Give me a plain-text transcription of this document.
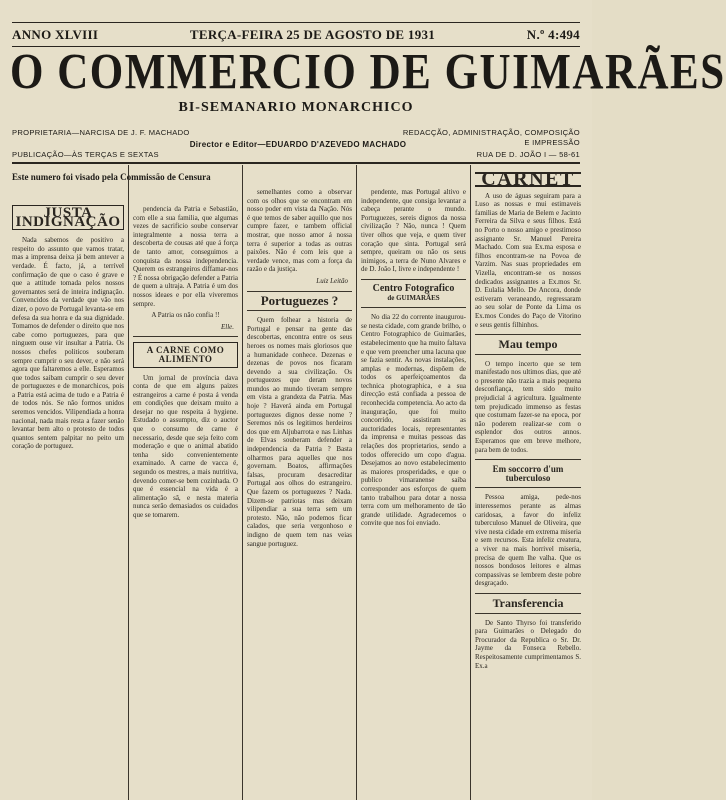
ANNO XLVIII	TERÇA-FEIRA 25 DE AGOSTO DE 1931	N.º 4:494
O COMMERCIO DE GUIMARÃES
BI-SEMANARIO MONARCHICO
PROPRIETARIA—NARCISA DE J. F. MACHADO
PUBLICAÇÃO—ÀS TERÇAS E SEXTAS
Director e Editor—EDUARDO D'AZEVEDO MACHADO
REDACÇÃO, ADMINISTRAÇÃO, COMPOSIÇÃO E IMPRESSÃO
RUA DE D. JOÃO I — 58-61
Este numero foi visado pela Commissão de Censura
JUSTA INDIGNAÇÃO

Nada sabemos de positivo a respeito do assunto que vamos tratar, mas a imprensa deixa já bem antever a verdade. É facto, já, a terrível confirmação de que o caso é grave e que a attitude tomada pelos nossos governantes será de inteira indignação. Convencidos da verdade que vão nos dizer, o povo de Portugal levanta-se em defesa da sua honra e da sua dignidade. Tomamos de defender o direito que nos cabe como portuguezes, para que ninguem ouse vir insultar a Patria. Os nossos chefes politicos souberam sempre cumprir o seu dever, e não será agora que faltaremos a elle. Esperamos que todos saibam cumprir o seu dever de portuguezes e de monarchicos, pois a Patria está acima de tudo e a Patria é de todos nós. Se não formos unidos seremos vencidos. Vilipendiada a honra nacional, nada mais resta a fazer senão levantar bem alto o protesto de todos quantos sentem palpitar no peito um coração de portuguez.

pendencia da Patria e Sebastião, com elle a sua familia, que algumas vezes de sacrificio soube conservar integralmente a nossa terra a descoberta de cousas até que á força de tanto amor, conseguimos a conquista da nossa independencia. Querem os estrangeiros diffamar-nos ? É nossa obrigação defender a Patria de quem a ultraja. A Patria é um dos nossos ideaes e por ella viveremos sempre.

A Patria os não confia !!
Elle.
A CARNE COMO ALIMENTO

Um jornal de província dava conta de que em alguns paizes estrangeiros a carne é posta á venda em condições que deixam muito a desejar no que respeita á hygiene. Estudado o assumpto, diz o auctor que o consumo de carne é necessario, desde que seja feito com moderação e que o animal abatido tenha sido convenientemente examinado. A carne de vacca é, segundo os mestres, a mais nutritiva, devendo comer-se bem cozinhada. O que é essencial na vida é a alimentação sã, e nesta materia nunca serão demasiados os cuidados que se tomarem.

semelhantes como a observar com os olhos que se encontram em nosso poder em vista da Nação. Nós é que temos de saber aquillo que nos cumpre fazer, e tambem official mostrar, que nosso amor á nossa terra é superior a todas as outras paixões. Não é com leis que a verdade vence, mas com a força da razão e da justiça.

Luiz Leitão
Portuguezes ?

Quem folhear a historia de Portugal e pensar na gente das descobertas, encontra entre os seus heroes os nomes mais gloriosos que a humanidade conhece. Dezenas e dezenas de povos nos ficaram devendo a sua civilização. Os portuguezes que deram novos mundos ao mundo tiveram sempre em vista a grandeza da Patria. Mas hoje ? Haverá ainda em Portugal portuguezes dignos desse nome ? Seremos nós os legitimos herdeiros dos que em Aljubarrota e nas Linhas de Elvas souberam defender a independencia da Patria ? Basta olharmos para aquelles que nos governam. Boatos, affirmações falsas, procuram desacreditar Portugal aos olhos do estrangeiro. Que fazem os portuguezes ? Nada. Dizem-se patriotas mas deixam vilipendiar a sua terra sem um protesto. Não, não podemos ficar calados, que seria vergonhoso e indigno de quem tem nas veias sangue portuguez.

pendente, mas Portugal altivo e independente, que consiga levantar a cabeça perante o mundo. Portuguezes, sereis dignos da nossa civilização ? Não, nunca ! Quem tiver olhos que veja, e quem tiver coração que sinta. Portugal será sempre, queiram ou não os seus inimigos, a terra de Nuno Alvares e de D. João I, livre e independente !

Centro Fotografico
de GUIMARÃES

No dia 22 do corrente inaugurou-se nesta cidade, com grande brilho, o Centro Fotographico de Guimarães, estabelecimento que ha muito faltava e que vem preencher uma lacuna que se fazia sentir. As novas instalações, amplas e modernas, dispõem de todos os aperfeiçoamentos da technica photographica, e a sua direcção está confiada a pessoa de reconhecida competencia. Ao acto da inauguração, que foi muito concorrido, assistiram as auctoridades locais, representantes da imprensa e muitas pessoas das relações dos proprietarios, sendo a todos offerecido um copo d'agua. Desejamos ao novo estabelecimento as maiores prosperidades, e que o publico vimaranense saiba corresponder aos esforços de quem tanto trabalhou para dotar a nossa terra com um melhoramento de tão grande utilidade. Agradecemos o convite que nos foi enviado.

CARNET

A uso de águas seguiram para a Luso as nossas e mui estimaveis familias de Maria de Belem e Jacinto Ferreira da Silva e seus filhos. Está no Porto o nosso amigo e prestimoso assignante Sr. Manuel Pereira Machado. Com sua Ex.ma esposa e filhos encontram-se na Povoa de Varzim. Nas suas propriedades em Vizella, encontram-se os nossos dedicados assignantes a Ex.mos Sr. D. Eulalia Mello. De Ancora, donde estiveram veraneando, regressaram ao seu solar de Ponte da Lima os Ex.mos Condes do Paço de Vitorino e seus gentis filhinhos.

Mau tempo

O tempo incerto que se tem manifestado nos ultimos dias, que até o presente não trazia a mais pequena desconfiança, tem sido muito prejudicial á agricultura. Igualmente tem prejudicado immenso as festas que costumam fazer-se na epoca, por não poderem realizar-se com o esplendor dos outros annos. Esperamos que em breve melhore, para bem de todos.

Em soccorro d'um tuberculoso

Pessoa amiga, pede-nos interessemos perante as almas caridosas, a favor do infeliz tuberculoso Manuel de Oliveira, que vive nesta cidade em extrema miseria e sem recursos. Esta infeliz creatura, a viver na mais horrivel miseria, precisa de quem lhe valha. Que os nossos bondosos leitores e almas compassivas se lembrem deste pobre desgraçado.

Transferencia

De Santo Thyrso foi transferido para Guimarães o Delegado do Procurador da Republica o Sr. Dr. Jayme da Fonseca Rebello. Respeitosamente cumprimentamos S. Ex.a
